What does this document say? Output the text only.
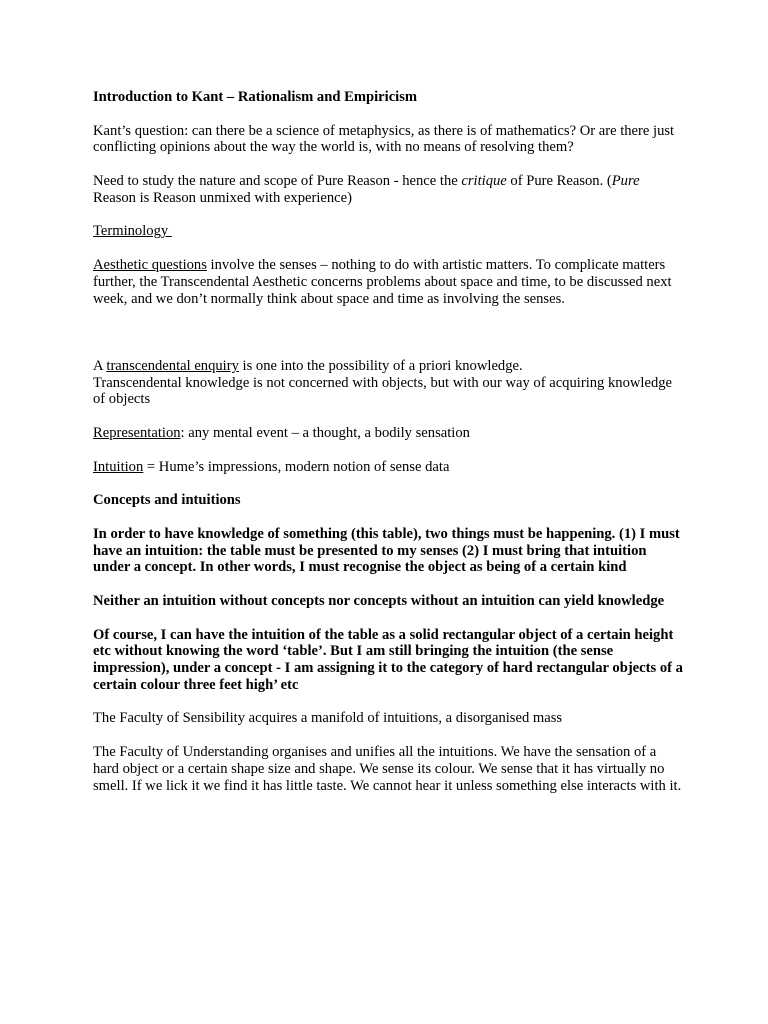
Introduction to Kant – Rationalism and Empiricism

Kant’s question: can there be a science of metaphysics, as there is of mathematics? Or are there just conflicting opinions about the way the world is, with no means of resolving them?

Need to study the nature and scope of Pure Reason - hence the critique of Pure Reason. (Pure Reason is Reason unmixed with experience)

Terminology

Aesthetic questions involve the senses – nothing to do with artistic matters. To complicate matters further, the Transcendental Aesthetic concerns problems about space and time, to be discussed next week, and we don’t normally think about space and time as involving the senses.

A transcendental enquiry is one into the possibility of a priori knowledge.
Transcendental knowledge is not concerned with objects, but with our way of acquiring knowledge of objects

Representation: any mental event – a thought, a bodily sensation

Intuition = Hume’s impressions, modern notion of sense data

Concepts and intuitions

In order to have knowledge of something (this table), two things must be happening. (1) I must have an intuition: the table must be presented to my senses (2) I must bring that intuition under a concept. In other words, I must recognise the object as being of a certain kind

Neither an intuition without concepts nor concepts without an intuition can yield knowledge

Of course, I can have the intuition of the table as a solid rectangular object of a certain height etc without knowing the word ‘table’. But I am still bringing the intuition (the sense impression), under a concept - I am assigning it to the category of hard rectangular objects of a certain colour three feet high’ etc

The Faculty of Sensibility acquires a manifold of intuitions, a disorganised mass

The Faculty of Understanding organises and unifies all the intuitions. We have the sensation of a hard object or a certain shape size and shape. We sense its colour. We sense that it has virtually no smell. If we lick it we find it has little taste. We cannot hear it unless something else interacts with it.
